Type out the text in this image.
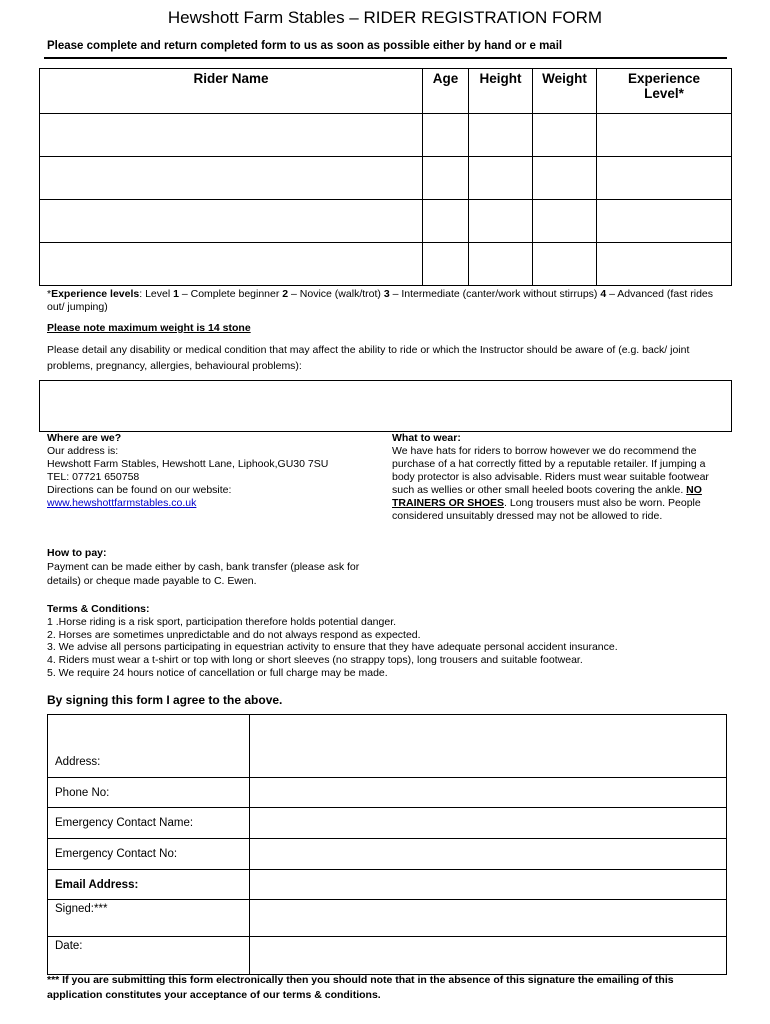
Hewshott Farm Stables – RIDER REGISTRATION FORM
Please complete and return completed form to us as soon as possible either by hand or e mail
Rider Name	Age	Height	Weight	Experience Level*

*Experience levels: Level 1 – Complete beginner 2 – Novice (walk/trot) 3 – Intermediate (canter/work without stirrups) 4 – Advanced (fast rides out/ jumping)
Please note maximum weight is 14 stone
Please detail any disability or medical condition that may affect the ability to ride or which the Instructor should be aware of (e.g. back/ joint problems, pregnancy, allergies, behavioural problems):
Where are we?
Our address is:
Hewshott Farm Stables, Hewshott Lane, Liphook,GU30 7SU
TEL: 07721 650758
Directions can be found on our website:
www.hewshottfarmstables.co.uk
What to wear:
We have hats for riders to borrow however we do recommend the purchase of a hat correctly fitted by a reputable retailer. If jumping a body protector is also advisable. Riders must wear suitable footwear such as wellies or other small heeled boots covering the ankle. NO TRAINERS OR SHOES. Long trousers must also be worn. People considered unsuitably dressed may not be allowed to ride.
How to pay:
Payment can be made either by cash, bank transfer (please ask for details) or cheque made payable to C. Ewen.
Terms & Conditions:
1 .Horse riding is a risk sport, participation therefore holds potential danger.
2. Horses are sometimes unpredictable and do not always respond as expected.
3. We advise all persons participating in equestrian activity to ensure that they have adequate personal accident insurance.
4. Riders must wear a t-shirt or top with long or short sleeves (no strappy tops), long trousers and suitable footwear.
5. We require 24 hours notice of cancellation or full charge may be made.
By signing this form I agree to the above.
Address:	
Phone No:	
Emergency Contact Name:	
Emergency Contact No:	
Email Address:	
Signed:***	
Date:	
*** If you are submitting this form electronically then you should note that in the absence of this signature the emailing of this application constitutes your acceptance of our terms & conditions.
